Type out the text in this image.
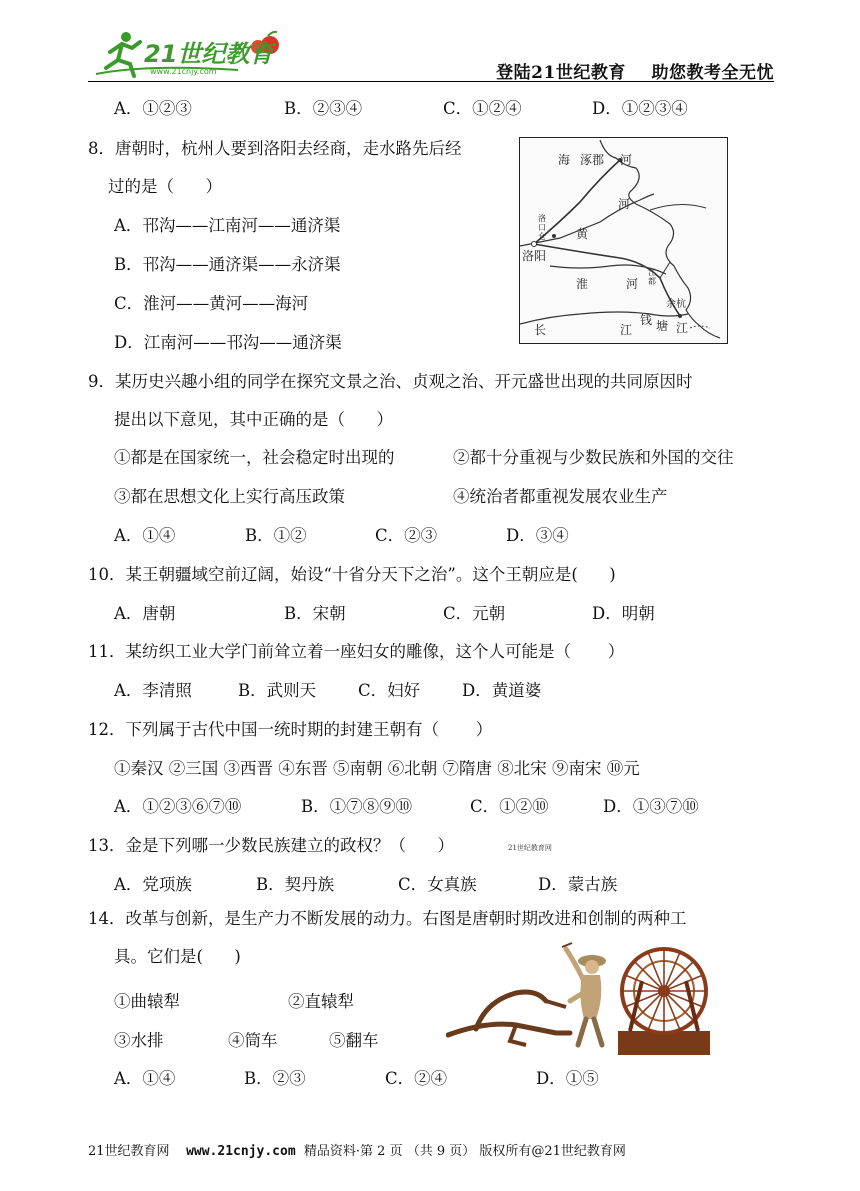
21世纪教育
www.21cnjy.com	登陆21世纪教育    助您教考全无忧
A．①②③	B．②③④	C．①②④	D．①②③④
8．唐朝时，杭州人要到洛阳去经商，走水路先后经
过的是（      ）
A．邗沟——江南河——通济渠
B．邗沟——通济渠——永济渠
C．淮河——黄河——海河
D．江南河——邗沟——通济渠
海 涿郡 河
河
黄
洛口仓
洛阳
淮	河
江都
余杭
长	江
钱 塘 江
9．某历史兴趣小组的同学在探究文景之治、贞观之治、开元盛世出现的共同原因时
提出以下意见，其中正确的是（      ）
①都是在国家统一，社会稳定时出现的	②都十分重视与少数民族和外国的交往
③都在思想文化上实行高压政策	④统治者都重视发展农业生产
A．①④	B．①②	C．②③	D．③④
10．某王朝疆域空前辽阔，始设“十省分天下之治”。这个王朝应是(      )
A．唐朝	B．宋朝	C．元朝	D．明朝
11．某纺织工业大学门前耸立着一座妇女的雕像，这个人可能是（       ）
A．李清照	B．武则天	C．妇好	D．黄道婆
12．下列属于古代中国一统时期的封建王朝有（       ）
①秦汉 ②三国 ③西晋 ④东晋 ⑤南朝 ⑥北朝 ⑦隋唐 ⑧北宋 ⑨南宋 ⑩元
A．①②③⑥⑦⑩	B．①⑦⑧⑨⑩	C．①②⑩	D．①③⑦⑩
13．金是下列哪一少数民族建立的政权？（      ）	21世纪教育网
A．党项族	B．契丹族	C．女真族	D．蒙古族
14．改革与创新，是生产力不断发展的动力。右图是唐朝时期改进和创制的两种工
具。它们是(      )
①曲辕犁	②直辕犁
③水排	④筒车	⑤翻车
A．①④	B．②③	C．②④	D．①⑤
21世纪教育网 www.21cnjy.com 精品资料·第 2 页 （共 9 页） 版权所有@21世纪教育网
